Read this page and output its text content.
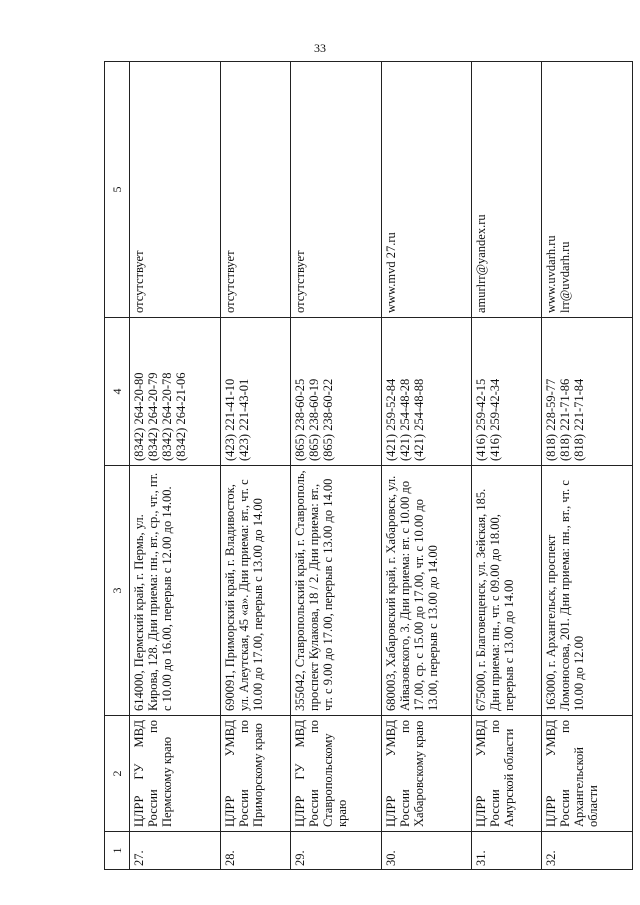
33
1	2	3	4	5
27.	ЦЛРР ГУ МВД России по Пермскому краю	614000, Пермский край, г. Пермь, ул. Кирова, 128. Дни приема: пн., вт., ср., чт., пт. с 10.00 до 16.00, перерыв с 12.00 до 14.00.	(8342) 264-20-80 (8342) 264-20-79 (8342) 264-20-78 (8342) 264-21-06	отсутствует

28.	ЦЛРР УМВД России по Приморскому краю	690091, Приморский край, г. Владивосток, ул. Алеутская, 45 «а». Дни приема: вт., чт. с 10.00 до 17.00, перерыв с 13.00 до 14.00	(423) 221-41-10 (423) 221-43-01	отсутствует

29.	ЦЛРР ГУ МВД России по Ставропольскому краю	355042, Ставропольский край, г. Ставрополь, проспект Кулакова, 18 / 2. Дни приема: вт., чт. с 9.00 до 17.00, перерыв с 13.00 до 14.00	(865) 238-60-25 (865) 238-60-19 (865) 238-60-22	отсутствует

30.	ЦЛРР УМВД России по Хабаровскому краю	680003, Хабаровский край, г. Хабаровск, ул. Айвазовского, 3. Дни приема: вт. с 10.00 до 17.00, ср. с 15.00 до 17.00, чт. с 10.00 до 13.00, перерыв с 13.00 до 14.00	(421) 259-52-84 (421) 254-48-28 (421) 254-48-88	www.mvd 27.ru

31.	ЦЛРР УМВД России по Амурской области	675000, г. Благовещенск, ул. Зейская, 185. Дни приема: пн., чт. с 09.00 до 18.00, перерыв с 13.00 до 14.00	(416) 259-42-15 (416) 259-42-34	amurlrr@yandex.ru

32.	ЦЛРР УМВД России по Архангельской области	163000, г. Архангельск, проспект Ломоносова, 201. Дни приема: пн., вт., чт. с 10.00 до 12.00	(818) 228-59-77 (818) 221-71-86 (818) 221-71-84	www.uvdarh.ru lrr@uvdarh.ru
